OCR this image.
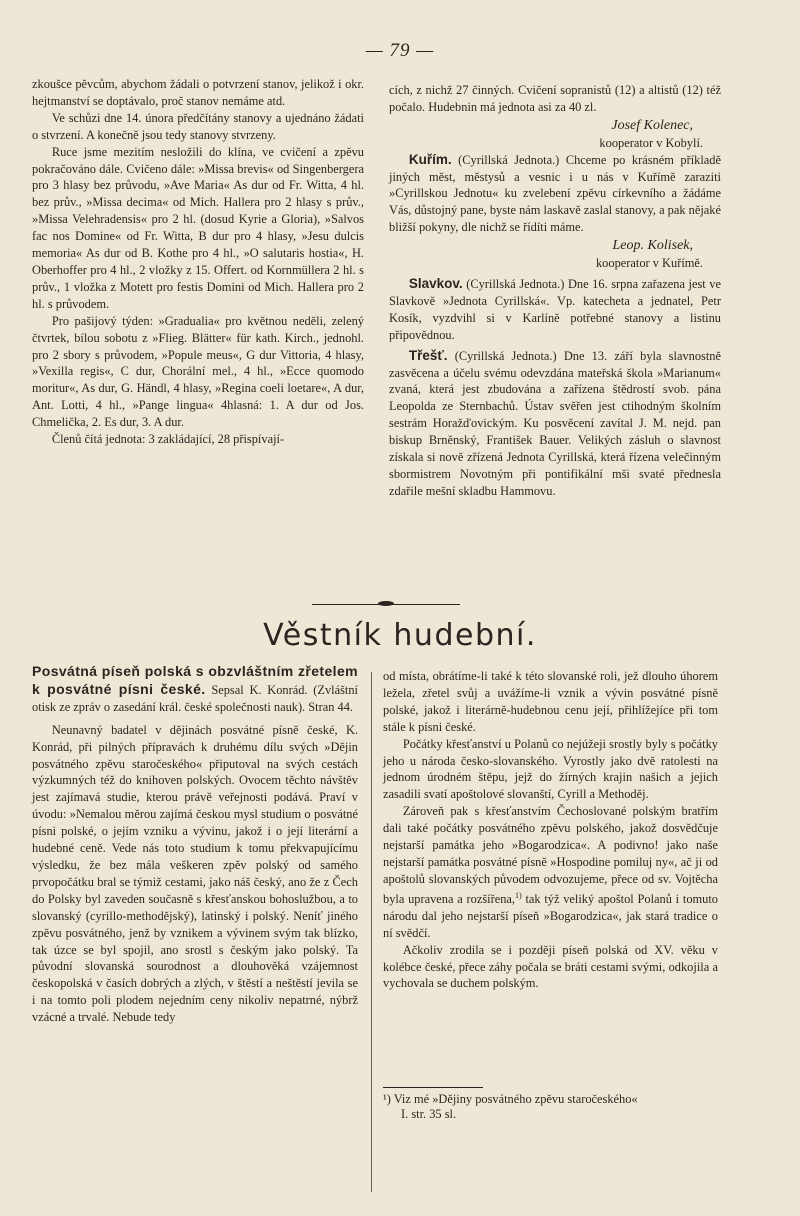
— 79 —

zkoušce pěvcům, abychom žádali o potvrzení stanov, jelikož i okr. hejtmanství se doptávalo, proč stanov nemáme atd.

Ve schůzi dne 14. února předčítány stanovy a ujednáno žádati o stvrzení. A konečně jsou tedy stanovy stvrzeny.

Ruce jsme mezitím nesložili do klína, ve cvičení a zpěvu pokračováno dále. Cvičeno dále: »Missa brevis« od Singenbergera pro 3 hlasy bez průvodu, »Ave Maria« As dur od Fr. Witta, 4 hl. bez prův., »Missa decima« od Mich. Hallera pro 2 hlasy s prův., »Missa Velehradensis« pro 2 hl. (dosud Kyrie a Gloria), »Salvos fac nos Domine« od Fr. Witta, B dur pro 4 hlasy, »Jesu dulcis memoria« As dur od B. Kothe pro 4 hl., »O salutaris hostia«, H. Oberhoffer pro 4 hl., 2 vložky z 15. Offert. od Kornmüllera 2 hl. s prův., 1 vložka z Motett pro festis Domini od Mich. Hallera pro 2 hl. s průvodem.

Pro pašijový týden: »Gradualia« pro květnou neděli, zelený čtvrtek, bílou sobotu z »Flieg. Blätter« für kath. Kirch., jednohl. pro 2 sbory s průvodem, »Populе meus«, G dur Vittoria, 4 hlasy, »Vexilla regis«, C dur, Chorální mel., 4 hl., »Ecce quomodo moritur«, As dur, G. Händl, 4 hlasy, »Regina coeli loetare«, A dur, Ant. Lotti, 4 hl., »Pange lingua« 4hlasná: 1. A dur od Jos. Chmelička, 2. Es dur, 3. A dur.

Členů čítá jednota: 3 zakládající, 28 přispívají-

cích, z nichž 27 činných. Cvičení sopranistů (12) a altistů (12) též počalo. Hudebnin má jednota asi za 40 zl.

Josef Kolenec,
kooperator v Kobylí.

Kuřím. (Cyrillská Jednota.) Chceme po krásném příkladě jiných měst, městysů a vesnic i u nás v Kuřímě zaraziti »Cyrillskou Jednotu« ku zvelebení zpěvu církevního a žádáme Vás, důstojný pane, byste nám laskavě zaslal stanovy, a pak nějaké bližší pokyny, dle nichž se řídíti máme.

Leop. Kolisek,
kooperator v Kuřímě.

Slavkov. (Cyrillská Jednota.) Dne 16. srpna zařazena jest ve Slavkově »Jednota Cyrillská«. Vp. katecheta a jednatel, Petr Kosík, vyzdvihl si v Karlíně potřebné stanovy a listinu připovědnou.

Třešť. (Cyrillská Jednota.) Dne 13. září byla slavnostně zasvěcena a účelu svému odevzdána mateřská škola »Marianum« zvaná, která jest zbudována a zařízena štědrostí svob. pána Leopolda ze Sternbachů. Ústav svěřen jest ctihodným školním sestrám Horažďovickým. Ku posvěcení zavítal J. M. nejd. pan biskup Brněnský, František Bauer. Velikých zásluh o slavnost získala si nově zřízená Jednota Cyrillská, která řízena velečinným sbormistrem Novotným při pontifikální mši svaté přednesla zdařile mešní skladbu Hammovu.

Věstník hudební.

Posvátná píseň polská s obzvláštním zřetelem k posvátné písni české. Sepsal K. Konrád. (Zvláštní otisk ze zpráv o zasedání král. české společnosti nauk). Stran 44.

Neunavný badatel v dějinách posvátné písně české, K. Konrád, při pilných přípravách k druhému dílu svých »Dějin posvátného zpěvu staročeského« připutoval na svých cestách výzkumných též do knihoven polských. Ovocem těchto návštěv jest zajímavá studie, kterou právě veřejnosti podává. Praví v úvodu: »Nemalou měrou zajímá českou mysl studium o posvátné písni polské, o jejím vzniku a vývinu, jakož i o její literární a hudebné ceně. Vede nás toto studium k tomu překvapujícímu výsledku, že bez mála veškeren zpěv polský od samého prvopočátku bral se týmiž cestami, jako náš český, ano že z Čech do Polsky byl zaveden současně s křesťanskou bohoslužbou, a to slovanský (cyrillo-methodějský), latinský i polský. Neníť jiného zpěvu posvátného, jenž by vznikem a vývinem svým tak blízko, tak úzce se byl spojil, ano srostl s českým jako polský. Ta původní slovanská sourodnost a dlouhověká vzájemnost českopolská v časích dobrých a zlých, v štěstí a neštěstí jevila se i na tomto poli plodem nejedním ceny nikoliv nepatrné, nýbrž vzácné a trvalé. Nebude tedy

od místa, obrátíme-li také k této slovanské roli, jež dlouho úhorem ležela, zřetel svůj a uvážíme-li vznik a vývin posvátné písně polské, jakož i literárně-hudebnou cenu její, přihlížejíce při tom stále k písni české.

Počátky křesťanství u Polanů co nejúžeji srostly byly s počátky jeho u národa česko-slovanského. Vyrostly jako dvě ratolesti na jednom úrodném štěpu, jejž do žírných krajin našich a jejich zasadili svatí apoštolové slovanští, Cyrill a Methoděj.

Zároveň pak s křesťanstvím Čechoslované polským bratřím dali také počátky posvátného zpěvu polského, jakož dosvědčuje nejstarší památka jeho »Bogarodzica«. A podivno! jako naše nejstarší památka posvátné písně »Hospodine pomiluj ny«, ač ji od apoštolů slovanských původem odvozujeme, přece od sv. Vojtěcha byla upravena a rozšířena,$^{1)}$ tak týž veliký apoštol Polanů i tomuto národu dal jeho nejstarší píseň »Bogarodzica«, jak stará tradice o ní svědčí.

Ačkoliv zrodila se i později píseň polská od XV. věku v kolébce české, přece záhy počala se bráti cestami svými, odkojila a vychovala se duchem polským.

¹) Viz mé »Dějiny posvátného zpěvu staročeského«
I. str. 35 sl.
